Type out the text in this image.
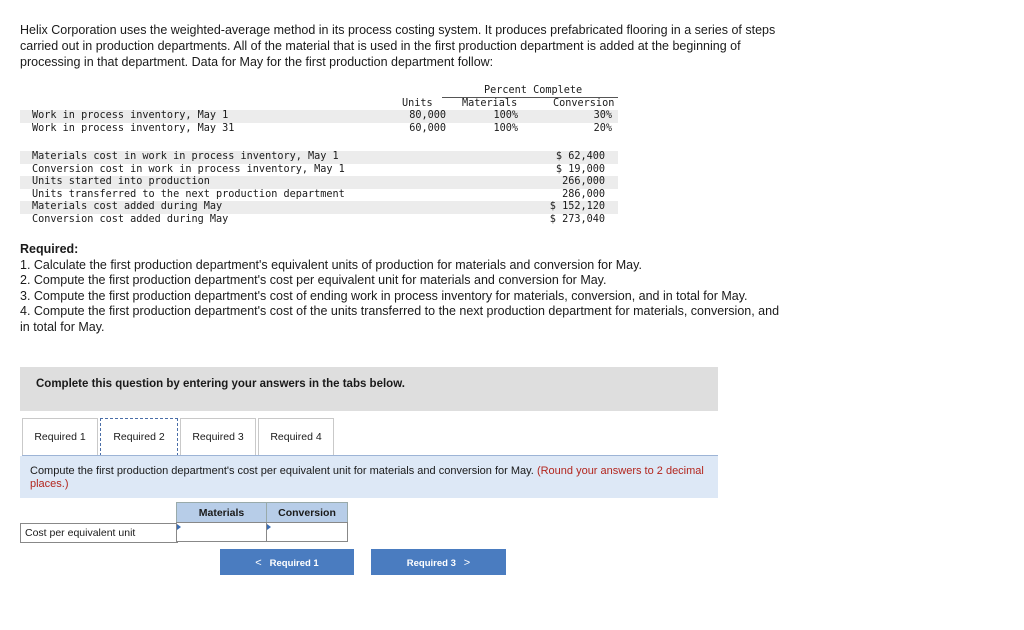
Helix Corporation uses the weighted-average method in its process costing system. It produces prefabricated flooring in a series of steps carried out in production departments. All of the material that is used in the first production department is added at the beginning of processing in that department. Data for May for the first production department follow:
Percent Complete
Units	Materials	Conversion
Work in process inventory, May 1	80,000	100%	30%
Work in process inventory, May 31	60,000	100%	20%
Materials cost in work in process inventory, May 1	$ 62,400
Conversion cost in work in process inventory, May 1	$ 19,000
Units started into production	266,000
Units transferred to the next production department	286,000
Materials cost added during May	$ 152,120
Conversion cost added during May	$ 273,040
Required:
1. Calculate the first production department's equivalent units of production for materials and conversion for May.
2. Compute the first production department's cost per equivalent unit for materials and conversion for May.
3. Compute the first production department's cost of ending work in process inventory for materials, conversion, and in total for May.
4. Compute the first production department's cost of the units transferred to the next production department for materials, conversion, and in total for May.
Complete this question by entering your answers in the tabs below.
Required 1	Required 2	Required 3	Required 4

Compute the first production department's cost per equivalent unit for materials and conversion for May. (Round your answers to 2 decimal places.)

Materials	Conversion
Cost per equivalent unit
< Required 1	Required 3 >
